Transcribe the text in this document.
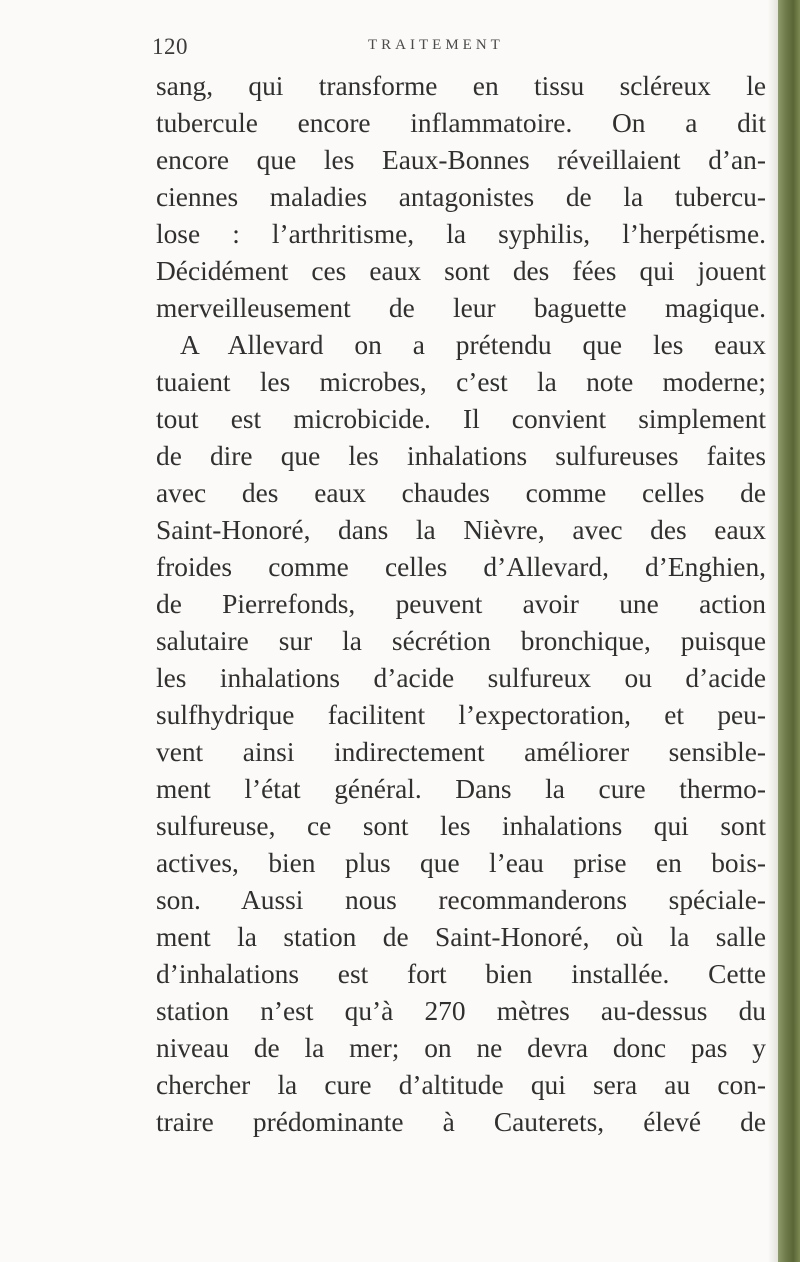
120	TRAITEMENT
sang, qui transforme en tissu scléreux le
tubercule encore inflammatoire. On a dit
encore que les Eaux-Bonnes réveillaient d’an-
ciennes maladies antagonistes de la tubercu-
lose : l’arthritisme, la syphilis, l’herpétisme.
Décidément ces eaux sont des fées qui jouent
merveilleusement de leur baguette magique.
A Allevard on a prétendu que les eaux
tuaient les microbes, c’est la note moderne;
tout est microbicide. Il convient simplement
de dire que les inhalations sulfureuses faites
avec des eaux chaudes comme celles de
Saint-Honoré, dans la Nièvre, avec des eaux
froides comme celles d’Allevard, d’Enghien,
de Pierrefonds, peuvent avoir une action
salutaire sur la sécrétion bronchique, puisque
les inhalations d’acide sulfureux ou d’acide
sulfhydrique facilitent l’expectoration, et peu-
vent ainsi indirectement améliorer sensible-
ment l’état général. Dans la cure thermo-
sulfureuse, ce sont les inhalations qui sont
actives, bien plus que l’eau prise en bois-
son. Aussi nous recommanderons spéciale-
ment la station de Saint-Honoré, où la salle
d’inhalations est fort bien installée. Cette
station n’est qu’à 270 mètres au-dessus du
niveau de la mer; on ne devra donc pas y
chercher la cure d’altitude qui sera au con-
traire prédominante à Cauterets, élevé de
